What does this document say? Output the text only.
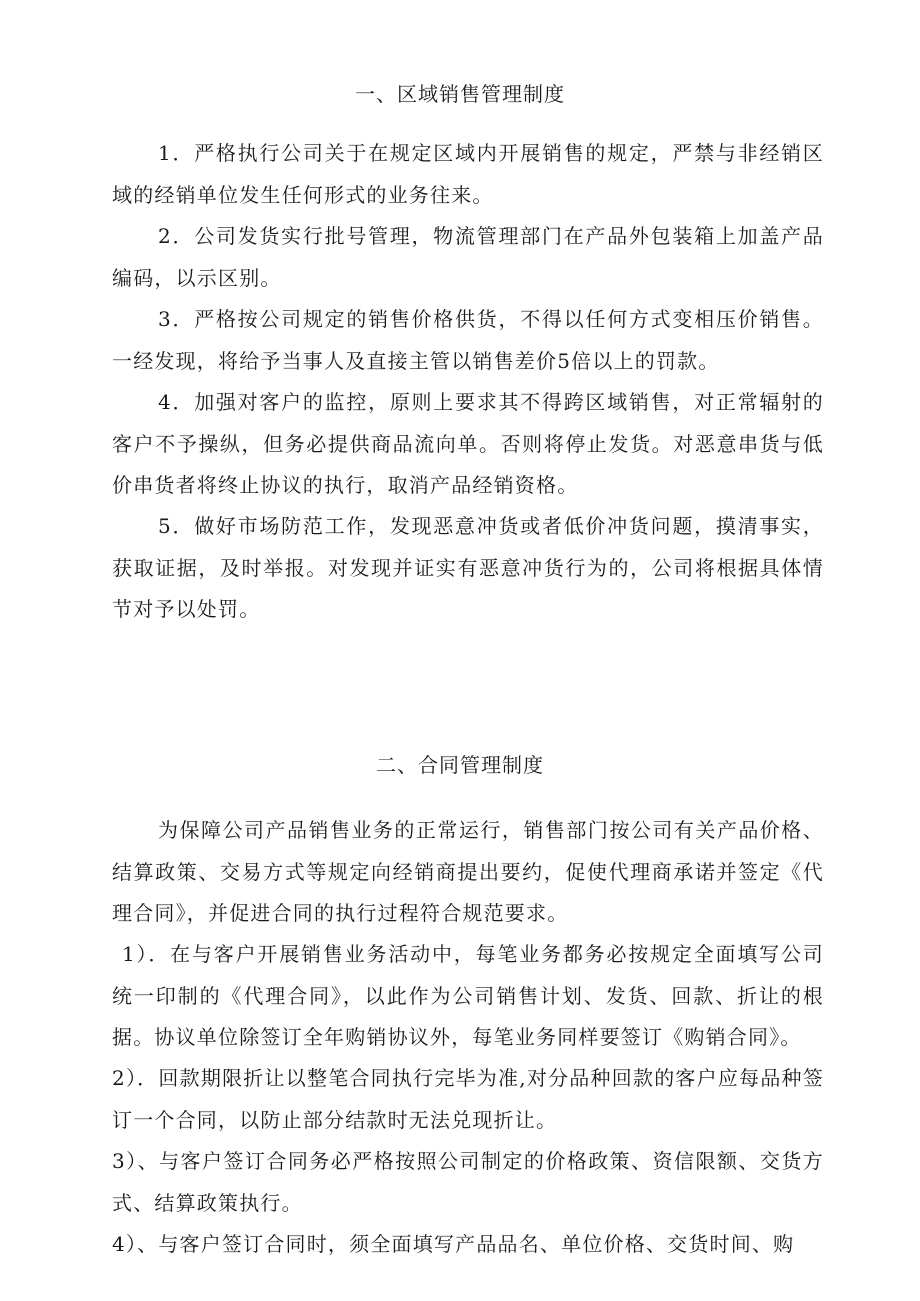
一、区域销售管理制度

1．严格执行公司关于在规定区域内开展销售的规定，严禁与非经销区域的经销单位发生任何形式的业务往来。

2．公司发货实行批号管理，物流管理部门在产品外包装箱上加盖产品编码，以示区别。

3．严格按公司规定的销售价格供货，不得以任何方式变相压价销售。一经发现，将给予当事人及直接主管以销售差价5倍以上的罚款。

4．加强对客户的监控，原则上要求其不得跨区域销售，对正常辐射的客户不予操纵，但务必提供商品流向单。否则将停止发货。对恶意串货与低价串货者将终止协议的执行，取消产品经销资格。

5．做好市场防范工作，发现恶意冲货或者低价冲货问题，摸清事实，获取证据，及时举报。对发现并证实有恶意冲货行为的，公司将根据具体情节对予以处罚。

二、合同管理制度

为保障公司产品销售业务的正常运行，销售部门按公司有关产品价格、结算政策、交易方式等规定向经销商提出要约，促使代理商承诺并签定《代理合同》，并促进合同的执行过程符合规范要求。

1）．在与客户开展销售业务活动中，每笔业务都务必按规定全面填写公司统一印制的《代理合同》，以此作为公司销售计划、发货、回款、折让的根据。协议单位除签订全年购销协议外，每笔业务同样要签订《购销合同》。

2）．回款期限折让以整笔合同执行完毕为准,对分品种回款的客户应每品种签订一个合同，以防止部分结款时无法兑现折让。

3）、与客户签订合同务必严格按照公司制定的价格政策、资信限额、交货方式、结算政策执行。

4）、与客户签订合同时，须全面填写产品品名、单位价格、交货时间、购
